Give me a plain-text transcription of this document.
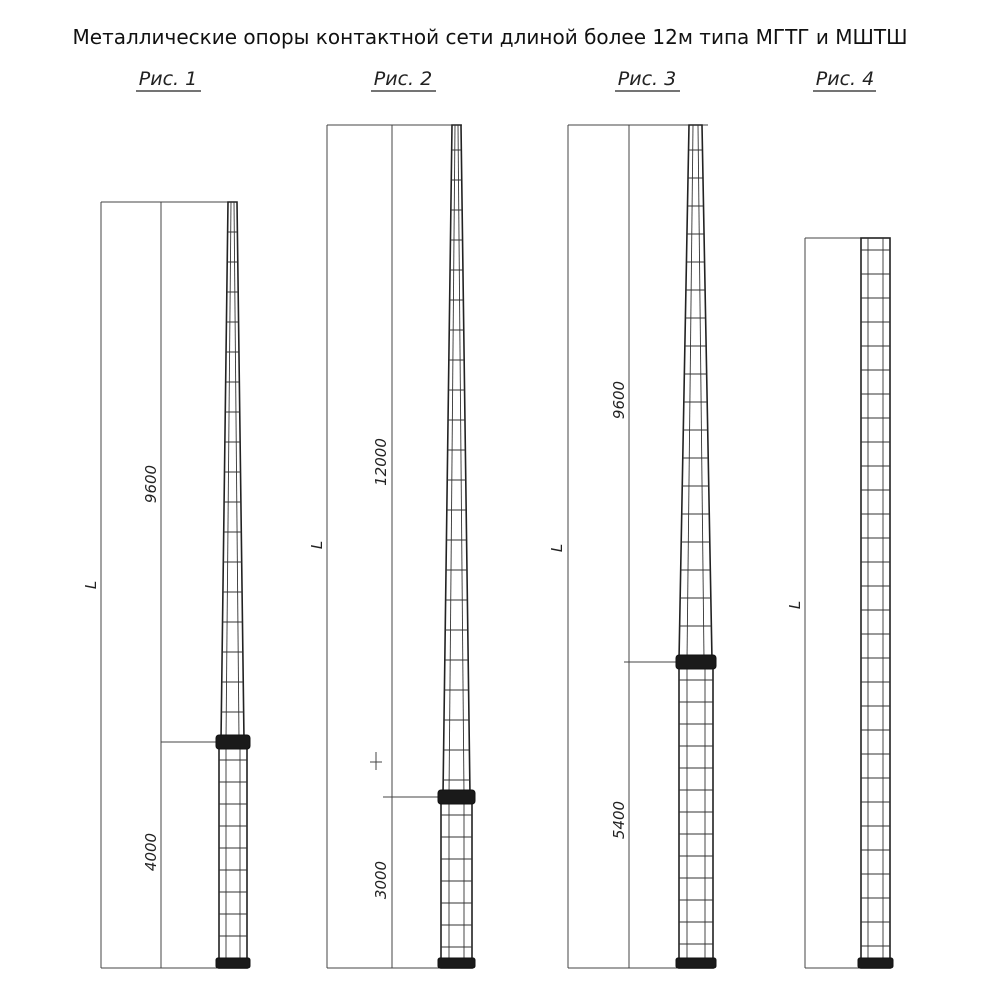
Металлические опоры контактной сети длиной более 12м типа МГТГ и МШТШ
Рис. 1
L
9600
4000
Рис. 2
L
12000
3000
Рис. 3
L
9600
5400
Рис. 4
L
